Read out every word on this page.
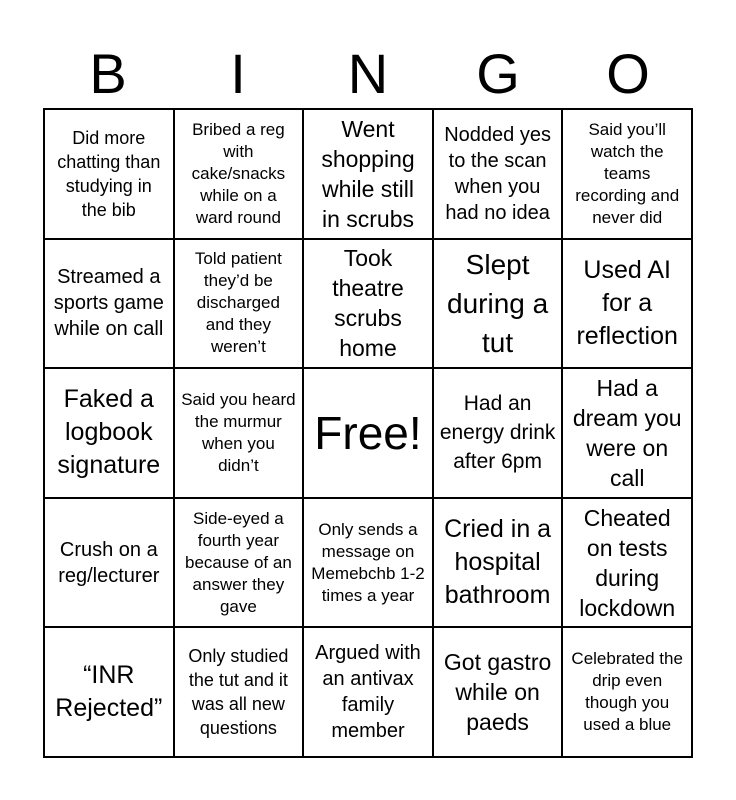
B	I	N	G	O
Did more chatting than studying in the bib
Bribed a reg with cake/snacks while on a ward round
Went shopping while still in scrubs
Nodded yes to the scan when you had no idea
Said you’ll watch the teams recording and never did
Streamed a sports game while on call
Told patient they’d be discharged and they weren’t
Took theatre scrubs home
Slept during a tut
Used AI for a reflection
Faked a logbook signature
Said you heard the murmur when you didn’t
Free!
Had an energy drink after 6pm
Had a dream you were on call
Crush on a reg/lecturer
Side-eyed a fourth year because of an answer they gave
Only sends a message on Memebchb 1-2 times a year
Cried in a hospital bathroom
Cheated on tests during lockdown
“INR Rejected”
Only studied the tut and it was all new questions
Argued with an antivax family member
Got gastro while on paeds
Celebrated the drip even though you used a blue
